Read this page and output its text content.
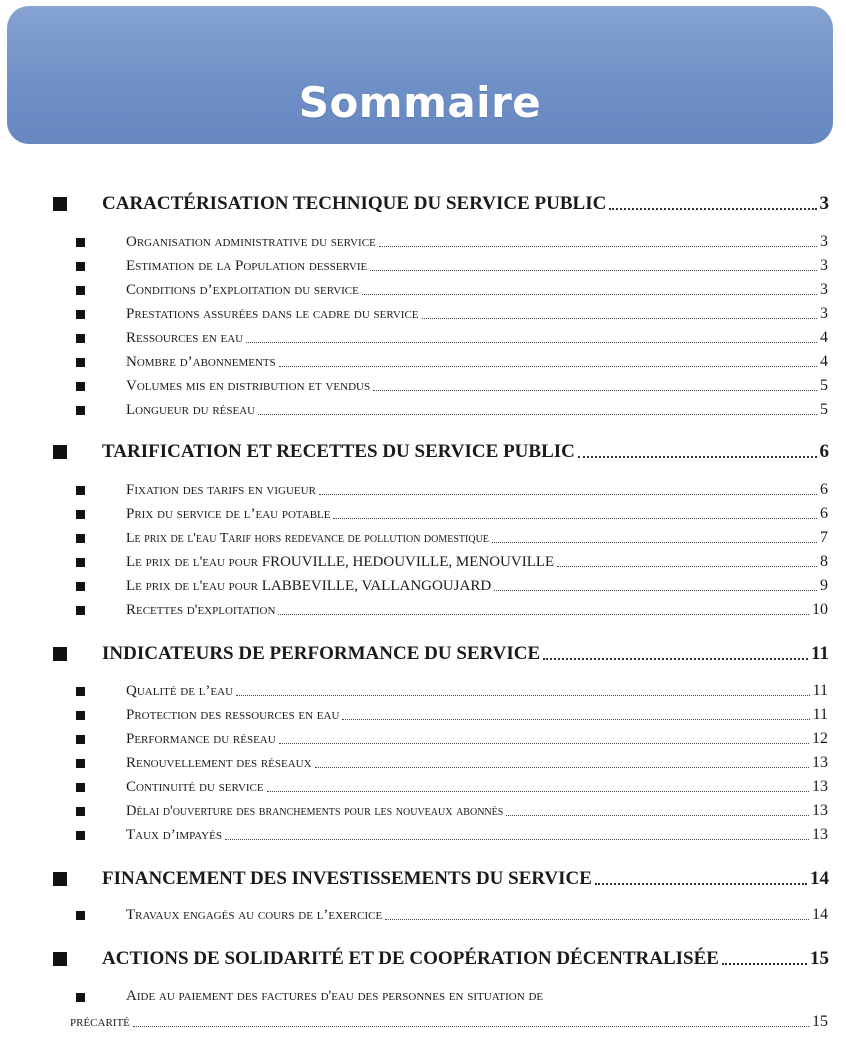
Sommaire
CARACTÉRISATION TECHNIQUE DU SERVICE PUBLIC	3
Organisation administrative du service	3
Estimation de la Population desservie	3
Conditions d’exploitation du service	3
Prestations assurées dans le cadre du service	3
Ressources en eau	4
Nombre d’abonnements	4
Volumes mis en distribution et vendus	5
Longueur du réseau	5
TARIFICATION ET RECETTES DU SERVICE PUBLIC	6
Fixation des tarifs en vigueur	6
Prix du service de l’eau potable	6
Le prix de l'eau Tarif hors redevance de pollution domestique	7
Le prix de l'eau pour FROUVILLE, HEDOUVILLE, MENOUVILLE	8
Le prix de l'eau pour LABBEVILLE, VALLANGOUJARD	9
Recettes d'exploitation	10
INDICATEURS DE PERFORMANCE DU SERVICE	11
Qualité de l’eau	11
Protection des ressources en eau	11
Performance du réseau	12
Renouvellement des réseaux	13
Continuité du service	13
Délai d'ouverture des branchements pour les nouveaux abonnés	13
Taux d’impayés	13
FINANCEMENT DES INVESTISSEMENTS DU SERVICE	14
Travaux engagés au cours de l’exercice	14
ACTIONS DE SOLIDARITÉ ET DE COOPÉRATION DÉCENTRALISÉE	15
Aide au paiement des factures d'eau des personnes en situation de
précarité	15
